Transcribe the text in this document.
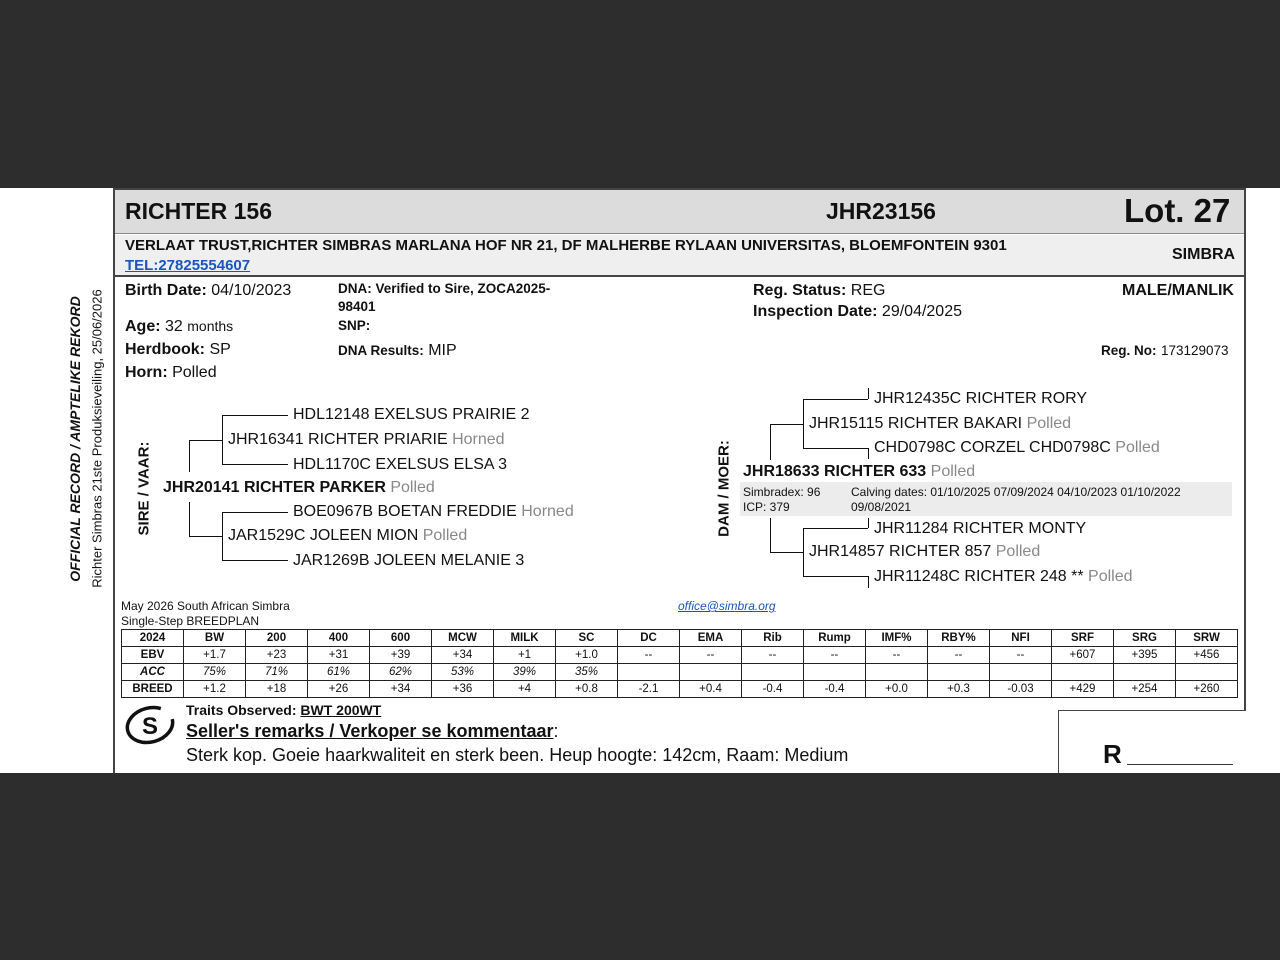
RICHTER 156	JHR23156	Lot. 27
VERLAAT TRUST,RICHTER SIMBRAS MARLANA HOF NR 21, DF MALHERBE RYLAAN UNIVERSITAS, BLOEMFONTEIN 9301
TEL:27825554607
SIMBRA
Birth Date: 04/10/2023
Age: 32 months
Herdbook: SP
Horn: Polled
DNA: Verified to Sire, ZOCA2025-
98401
SNP:
DNA Results: MIP
Reg. Status: REG
Inspection Date: 29/04/2025
MALE/MANLIK
Reg. No: 173129073
SIRE / VAAR:
HDL12148 EXELSUS PRAIRIE 2
JHR16341 RICHTER PRIARIE Horned
HDL1170C EXELSUS ELSA 3
JHR20141 RICHTER PARKER Polled
BOE0967B BOETAN FREDDIE Horned
JAR1529C JOLEEN MION Polled
JAR1269B JOLEEN MELANIE 3
DAM / MOER:
JHR12435C RICHTER RORY
JHR15115 RICHTER BAKARI Polled
CHD0798C CORZEL CHD0798C Polled
JHR18633 RICHTER 633 Polled
Simbradex: 96
ICP: 379
Calving dates: 01/10/2025 07/09/2024 04/10/2023 01/10/2022
09/08/2021
JHR11284 RICHTER MONTY
JHR14857 RICHTER 857 Polled
JHR11248C RICHTER 248 ** Polled
May 2026 South African Simbra
Single-Step BREEDPLAN
office@simbra.org
2024	BW	200	400	600	MCW	MILK	SC	DC	EMA	Rib	Rump	IMF%	RBY%	NFI	SRF	SRG	SRW
EBV	+1.7	+23	+31	+39	+34	+1	+1.0	--	--	--	--	--	--	--	+607	+395	+456
ACC	75%	71%	61%	62%	53%	39%	35%										
BREED	+1.2	+18	+26	+34	+36	+4	+0.8	-2.1	+0.4	-0.4	-0.4	+0.0	+0.3	-0.03	+429	+254	+260
S
Traits Observed: BWT 200WT
Seller's remarks / Verkoper se kommentaar:
Sterk kop. Goeie haarkwaliteit en sterk been. Heup hoogte: 142cm, Raam: Medium	R
OFFICIAL RECORD / AMPTELIKE REKORD Richter Simbras 21ste Produksieveiling, 25/06/2026
